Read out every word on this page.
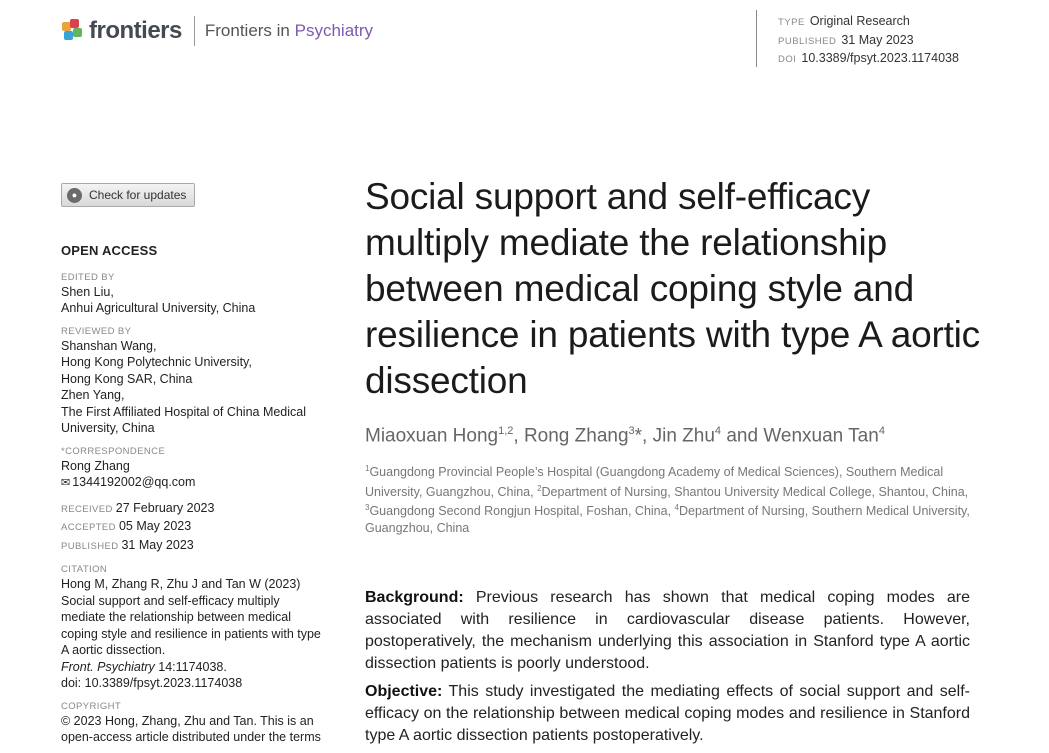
frontiers Frontiers in Psychiatry	TYPE Original Research
PUBLISHED 31 May 2023
DOI 10.3389/fpsyt.2023.1174038
● Check for updates
OPEN ACCESS
EDITED BY
Shen Liu,
Anhui Agricultural University, China
REVIEWED BY
Shanshan Wang,
Hong Kong Polytechnic University,
Hong Kong SAR, China
Zhen Yang,
The First Affiliated Hospital of China Medical
University, China
*CORRESPONDENCE
Rong Zhang
✉ 1344192002@qq.com
RECEIVED 27 February 2023
ACCEPTED 05 May 2023
PUBLISHED 31 May 2023
CITATION
Hong M, Zhang R, Zhu J and Tan W (2023)
Social support and self-efficacy multiply
mediate the relationship between medical
coping style and resilience in patients with type
A aortic dissection.
Front. Psychiatry 14:1174038.
doi: 10.3389/fpsyt.2023.1174038
COPYRIGHT
© 2023 Hong, Zhang, Zhu and Tan. This is an
open-access article distributed under the terms
Social support and self-efficacy multiply mediate the relationship between medical coping style and resilience in patients with type A aortic dissection
Miaoxuan Hong$^{1,2}$, Rong Zhang$^3$*, Jin Zhu$^4$ and Wenxuan Tan$^4$
$^1$Guangdong Provincial People’s Hospital (Guangdong Academy of Medical Sciences), Southern Medical University, Guangzhou, China, $^2$Department of Nursing, Shantou University Medical College, Shantou, China, $^3$Guangdong Second Rongjun Hospital, Foshan, China, $^4$Department of Nursing, Southern Medical University, Guangzhou, China

Background: Previous research has shown that medical coping modes are associated with resilience in cardiovascular disease patients. However, postoperatively, the mechanism underlying this association in Stanford type A aortic dissection patients is poorly understood.

Objective: This study investigated the mediating effects of social support and self-efficacy on the relationship between medical coping modes and resilience in Stanford type A aortic dissection patients postoperatively.
